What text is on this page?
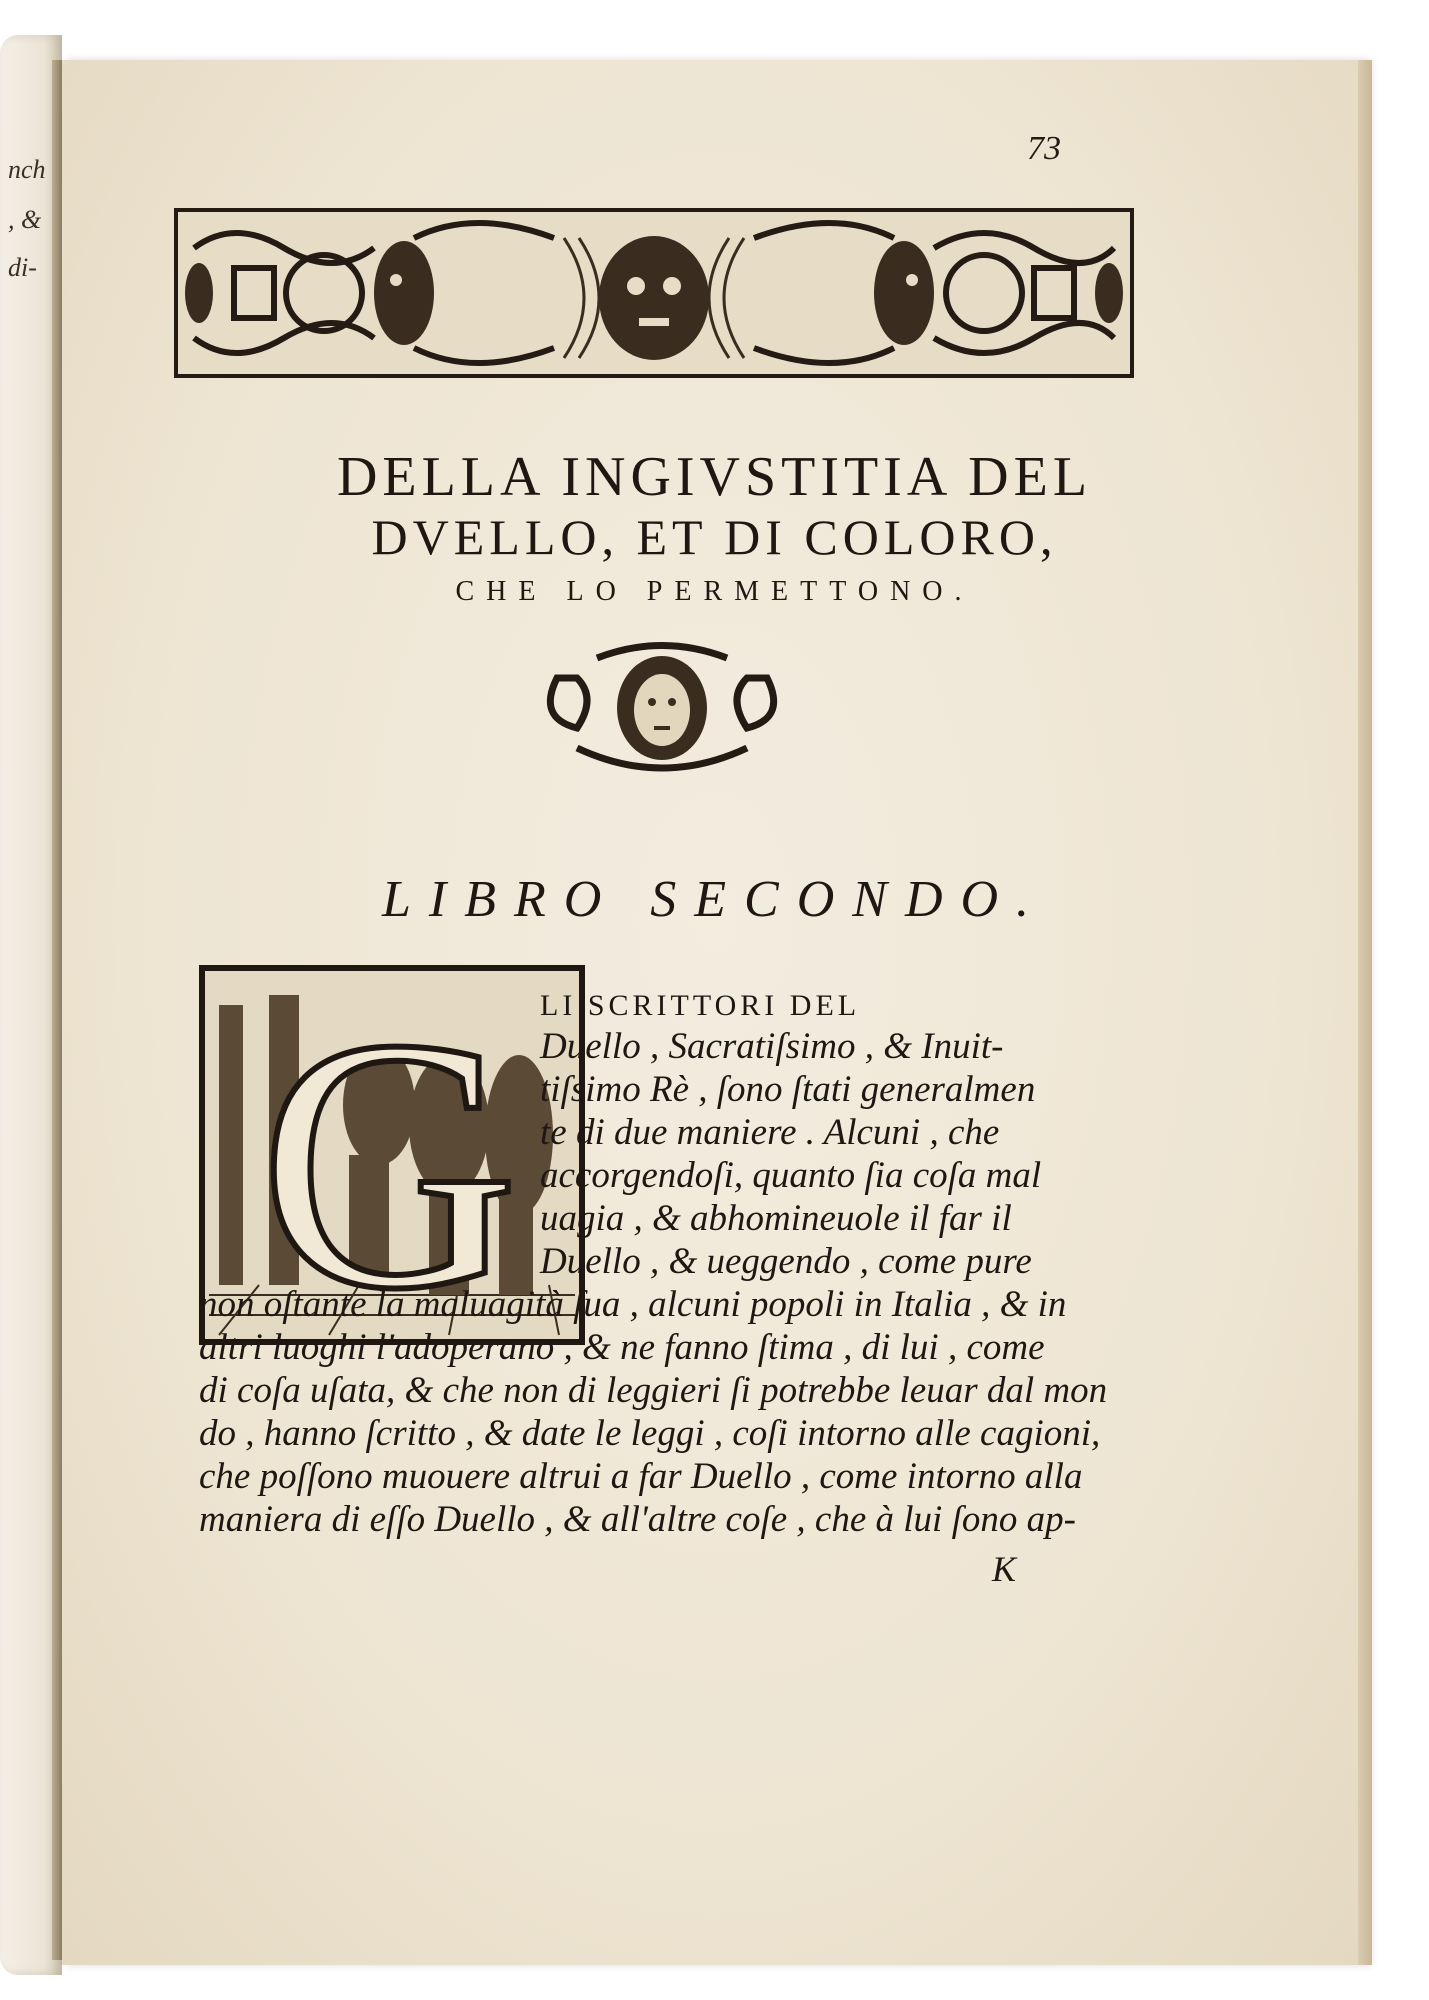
nch
, &
di-
73
DELLA INGIVSTITIA DEL
DVELLO, ET DI COLORO,
CHE LO PERMETTONO.
LIBRO SECONDO.
G LI SCRITTORI DEL
Duello , Sacratiſsimo , & Inuit-
tiſsimo Rè , ſono ſtati generalmen
te di due maniere . Alcuni , che
accorgendoſi, quanto ſia coſa mal
uagia , & abhomineuole il far il
Duello , & ueggendo , come pure
non oſtante la maluagità ſua , alcuni popoli in Italia , & in
altri luoghi l'adoperano , & ne fanno ſtima , di lui , come
di coſa uſata, & che non di leggieri ſi potrebbe leuar dal mon
do , hanno ſcritto , & date le leggi , coſi intorno alle cagioni,
che poſſono muouere altrui a far Duello , come intorno alla
maniera di eſſo Duello , & all'altre coſe , che à lui ſono ap-
K
